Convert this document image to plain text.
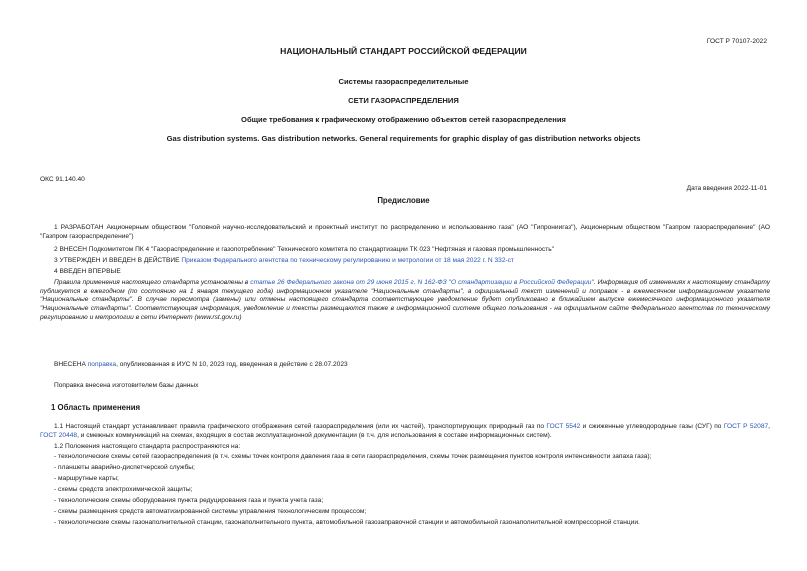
ГОСТ Р 70107-2022
НАЦИОНАЛЬНЫЙ СТАНДАРТ РОССИЙСКОЙ ФЕДЕРАЦИИ
Системы газораспределительные
СЕТИ ГАЗОРАСПРЕДЕЛЕНИЯ
Общие требования к графическому отображению объектов сетей газораспределения
Gas distribution systems. Gas distribution networks. General requirements for graphic display of gas distribution networks objects
ОКС 91.140.40
Дата введения 2022-11-01
Предисловие

1 РАЗРАБОТАН Акционерным обществом "Головной научно-исследовательский и проектный институт по распределению и использованию газа" (АО "Гипрониигаз"), Акционерным обществом "Газпром газораспределение" (АО "Газпром газораспределение")

2 ВНЕСЕН Подкомитетом ПК 4 "Газораспределение и газопотребление" Технического комитета по стандартизации ТК 023 "Нефтяная и газовая промышленность"

3 УТВЕРЖДЕН И ВВЕДЕН В ДЕЙСТВИЕ Приказом Федерального агентства по техническому регулированию и метрологии от 18 мая 2022 г. N 332-ст

4 ВВЕДЕН ВПЕРВЫЕ

Правила применения настоящего стандарта установлены в статье 26 Федерального закона от 29 июня 2015 г. N 162-ФЗ "О стандартизации в Российской Федерации". Информация об изменениях к настоящему стандарту публикуется в ежегодном (по состоянию на 1 января текущего года) информационном указателе "Национальные стандарты", а официальный текст изменений и поправок - в ежемесячном информационном указателе "Национальные стандарты". В случае пересмотра (замены) или отмены настоящего стандарта соответствующее уведомление будет опубликовано в ближайшем выпуске ежемесячного информационного указателя "Национальные стандарты". Соответствующая информация, уведомление и тексты размещаются также в информационной системе общего пользования - на официальном сайте Федерального агентства по техническому регулированию и метрологии в сети Интернет (www.rst.gov.ru)

ВНЕСЕНА поправка, опубликованная в ИУС N 10, 2023 год, введенная в действие с 28.07.2023

Поправка внесена изготовителем базы данных

1 Область применения

1.1 Настоящий стандарт устанавливает правила графического отображения сетей газораспределения (или их частей), транспортирующих природный газ по ГОСТ 5542 и сжиженные углеводородные газы (СУГ) по ГОСТ Р 52087, ГОСТ 20448, и смежных коммуникаций на схемах, входящих в состав эксплуатационной документации (в т.ч. для использования в составе информационных систем).

1.2 Положения настоящего стандарта распространяются на:

- технологические схемы сетей газораспределения (в т.ч. схемы точек контроля давления газа в сети газораспределения, схемы точек размещения пунктов контроля интенсивности запаха газа);

- планшеты аварийно-диспетчерской службы;

- маршрутные карты;

- схемы средств электрохимической защиты;

- технологические схемы оборудования пункта редуцирования газа и пункта учета газа;

- схемы размещения средств автоматизированной системы управления технологическим процессом;

- технологические схемы газонаполнительной станции, газонаполнительного пункта, автомобильной газозаправочной станции и автомобильной газонаполнительной компрессорной станции.
